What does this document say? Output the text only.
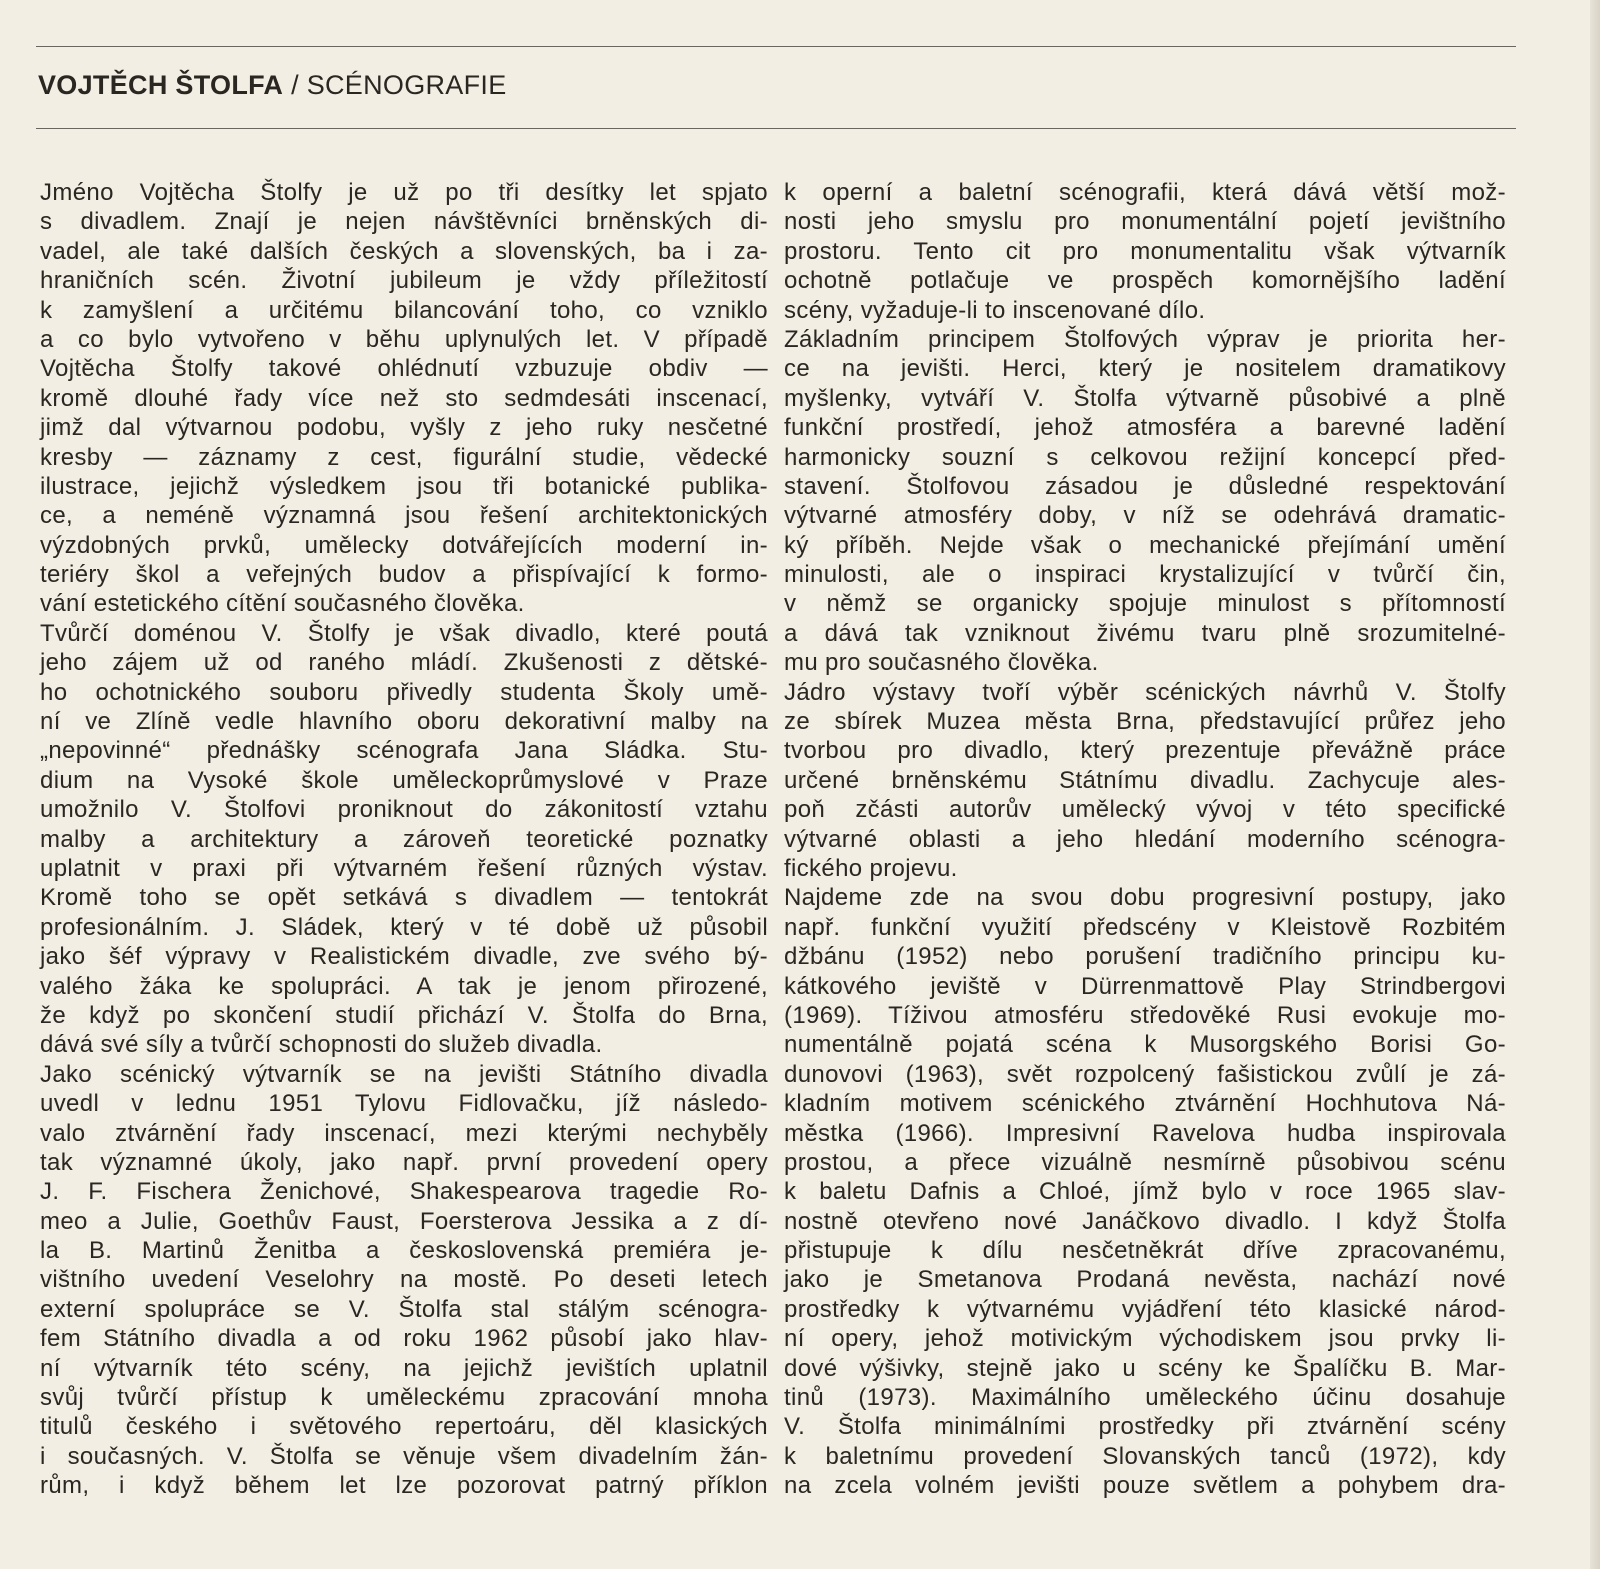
VOJTĚCH ŠTOLFA / SCÉNOGRAFIE
Jméno Vojtěcha Štolfy je už po tři desítky let spjato
s divadlem. Znají je nejen návštěvníci brněnských di-
vadel, ale také dalších českých a slovenských, ba i za-
hraničních scén. Životní jubileum je vždy příležitostí
k zamyšlení a určitému bilancování toho, co vzniklo
a co bylo vytvořeno v běhu uplynulých let. V případě
Vojtěcha Štolfy takové ohlédnutí vzbuzuje obdiv —
kromě dlouhé řady více než sto sedmdesáti inscenací,
jimž dal výtvarnou podobu, vyšly z jeho ruky nesčetné
kresby — záznamy z cest, figurální studie, vědecké
ilustrace, jejichž výsledkem jsou tři botanické publika-
ce, a neméně významná jsou řešení architektonických
výzdobných prvků, umělecky dotvářejících moderní in-
teriéry škol a veřejných budov a přispívající k formo-
vání estetického cítění současného člověka.
Tvůrčí doménou V. Štolfy je však divadlo, které poutá
jeho zájem už od raného mládí. Zkušenosti z dětské-
ho ochotnického souboru přivedly studenta Školy umě-
ní ve Zlíně vedle hlavního oboru dekorativní malby na
„nepovinné“ přednášky scénografa Jana Sládka. Stu-
dium na Vysoké škole uměleckoprůmyslové v Praze
umožnilo V. Štolfovi proniknout do zákonitostí vztahu
malby a architektury a zároveň teoretické poznatky
uplatnit v praxi při výtvarném řešení různých výstav.
Kromě toho se opět setkává s divadlem — tentokrát
profesionálním. J. Sládek, který v té době už působil
jako šéf výpravy v Realistickém divadle, zve svého bý-
valého žáka ke spolupráci. A tak je jenom přirozené,
že když po skončení studií přichází V. Štolfa do Brna,
dává své síly a tvůrčí schopnosti do služeb divadla.
Jako scénický výtvarník se na jevišti Státního divadla
uvedl v lednu 1951 Tylovu Fidlovačku, jíž následo-
valo ztvárnění řady inscenací, mezi kterými nechyběly
tak významné úkoly, jako např. první provedení opery
J. F. Fischera Ženichové, Shakespearova tragedie Ro-
meo a Julie, Goethův Faust, Foersterova Jessika a z dí-
la B. Martinů Ženitba a československá premiéra je-
vištního uvedení Veselohry na mostě. Po deseti letech
externí spolupráce se V. Štolfa stal stálým scénogra-
fem Státního divadla a od roku 1962 působí jako hlav-
ní výtvarník této scény, na jejichž jevištích uplatnil
svůj tvůrčí přístup k uměleckému zpracování mnoha
titulů českého i světového repertoáru, děl klasických
i současných. V. Štolfa se věnuje všem divadelním žán-
rům, i když během let lze pozorovat patrný příklon
k operní a baletní scénografii, která dává větší mož-
nosti jeho smyslu pro monumentální pojetí jevištního
prostoru. Tento cit pro monumentalitu však výtvarník
ochotně potlačuje ve prospěch komornějšího ladění
scény, vyžaduje-li to inscenované dílo.
Základním principem Štolfových výprav je priorita her-
ce na jevišti. Herci, který je nositelem dramatikovy
myšlenky, vytváří V. Štolfa výtvarně působivé a plně
funkční prostředí, jehož atmosféra a barevné ladění
harmonicky souzní s celkovou režijní koncepcí před-
stavení. Štolfovou zásadou je důsledné respektování
výtvarné atmosféry doby, v níž se odehrává dramatic-
ký příběh. Nejde však o mechanické přejímání umění
minulosti, ale o inspiraci krystalizující v tvůrčí čin,
v němž se organicky spojuje minulost s přítomností
a dává tak vzniknout živému tvaru plně srozumitelné-
mu pro současného člověka.
Jádro výstavy tvoří výběr scénických návrhů V. Štolfy
ze sbírek Muzea města Brna, představující průřez jeho
tvorbou pro divadlo, který prezentuje převážně práce
určené brněnskému Státnímu divadlu. Zachycuje ales-
poň zčásti autorův umělecký vývoj v této specifické
výtvarné oblasti a jeho hledání moderního scénogra-
fického projevu.
Najdeme zde na svou dobu progresivní postupy, jako
např. funkční využití předscény v Kleistově Rozbitém
džbánu (1952) nebo porušení tradičního principu ku-
kátkového jeviště v Dürrenmattově Play Strindbergovi
(1969). Tíživou atmosféru středověké Rusi evokuje mo-
numentálně pojatá scéna k Musorgského Borisi Go-
dunovovi (1963), svět rozpolcený fašistickou zvůlí je zá-
kladním motivem scénického ztvárnění Hochhutova Ná-
městka (1966). Impresivní Ravelova hudba inspirovala
prostou, a přece vizuálně nesmírně působivou scénu
k baletu Dafnis a Chloé, jímž bylo v roce 1965 slav-
nostně otevřeno nové Janáčkovo divadlo. I když Štolfa
přistupuje k dílu nesčetněkrát dříve zpracovanému,
jako je Smetanova Prodaná nevěsta, nachází nové
prostředky k výtvarnému vyjádření této klasické národ-
ní opery, jehož motivickým východiskem jsou prvky li-
dové výšivky, stejně jako u scény ke Špalíčku B. Mar-
tinů (1973). Maximálního uměleckého účinu dosahuje
V. Štolfa minimálními prostředky při ztvárnění scény
k baletnímu provedení Slovanských tanců (1972), kdy
na zcela volném jevišti pouze světlem a pohybem dra-
